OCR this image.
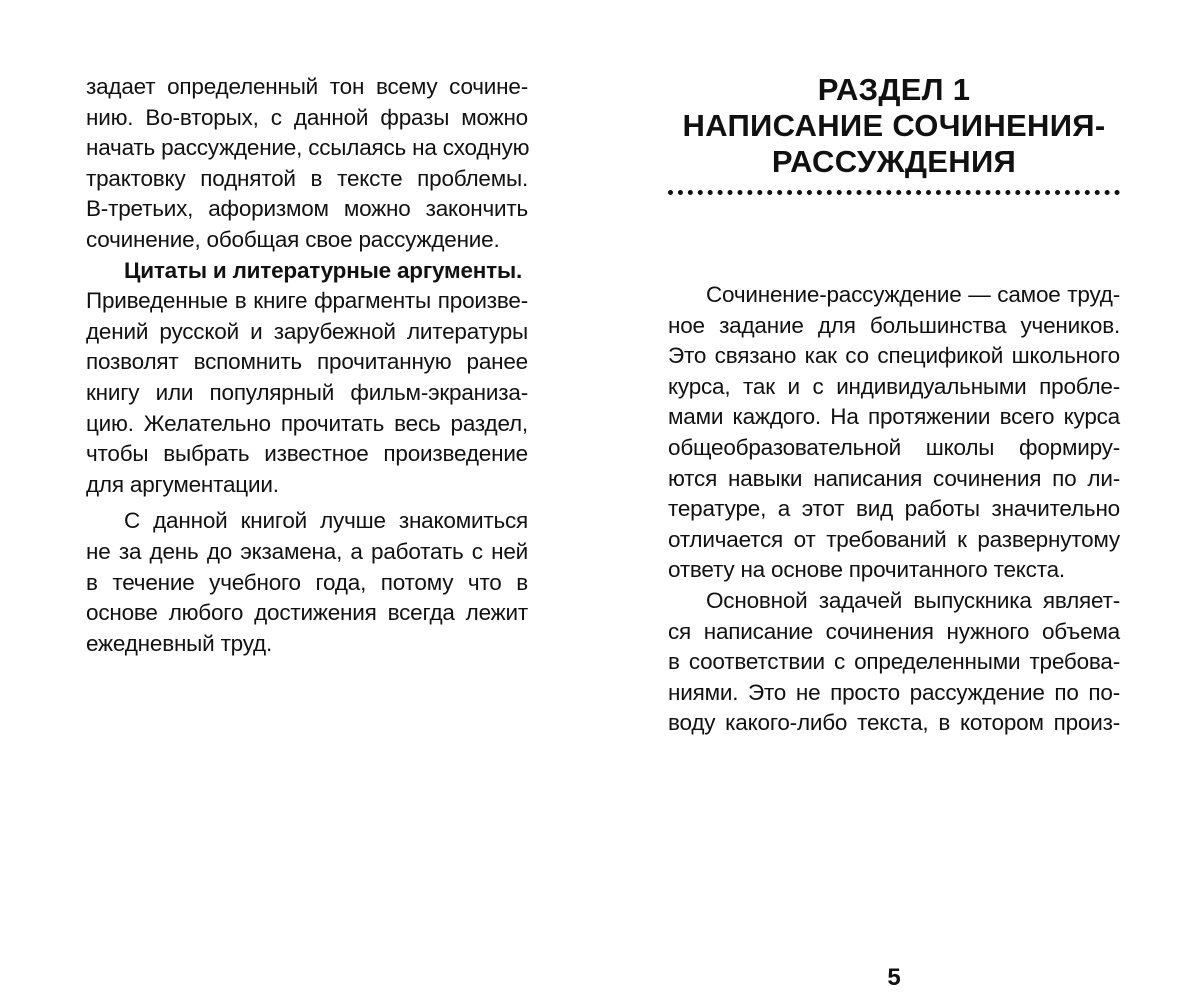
задает определенный тон всему сочине-
нию. Во-вторых, с данной фразы можно
начать рассуждение, ссылаясь на сходную
трактовку поднятой в тексте проблемы.
В-третьих, афоризмом можно закончить
сочинение, обобщая свое рассуждение.
Цитаты и литературные аргументы.
Приведенные в книге фрагменты произве-
дений русской и зарубежной литературы
позволят вспомнить прочитанную ранее
книгу или популярный фильм-экраниза-
цию. Желательно прочитать весь раздел,
чтобы выбрать известное произведение
для аргументации.
С данной книгой лучше знакомиться
не за день до экзамена, а работать с ней
в течение учебного года, потому что в
основе любого достижения всегда лежит
ежедневный труд.
РАЗДЕЛ 1
НАПИСАНИЕ СОЧИНЕНИЯ-
РАССУЖДЕНИЯ
Сочинение-рассуждение — самое труд-
ное задание для большинства учеников.
Это связано как со спецификой школьного
курса, так и с индивидуальными пробле-
мами каждого. На протяжении всего курса
общеобразовательной школы формиру-
ются навыки написания сочинения по ли-
тературе, а этот вид работы значительно
отличается от требований к развернутому
ответу на основе прочитанного текста.
Основной задачей выпускника являет-
ся написание сочинения нужного объема
в соответствии с определенными требова-
ниями. Это не просто рассуждение по по-
воду какого-либо текста, в котором произ-
5
